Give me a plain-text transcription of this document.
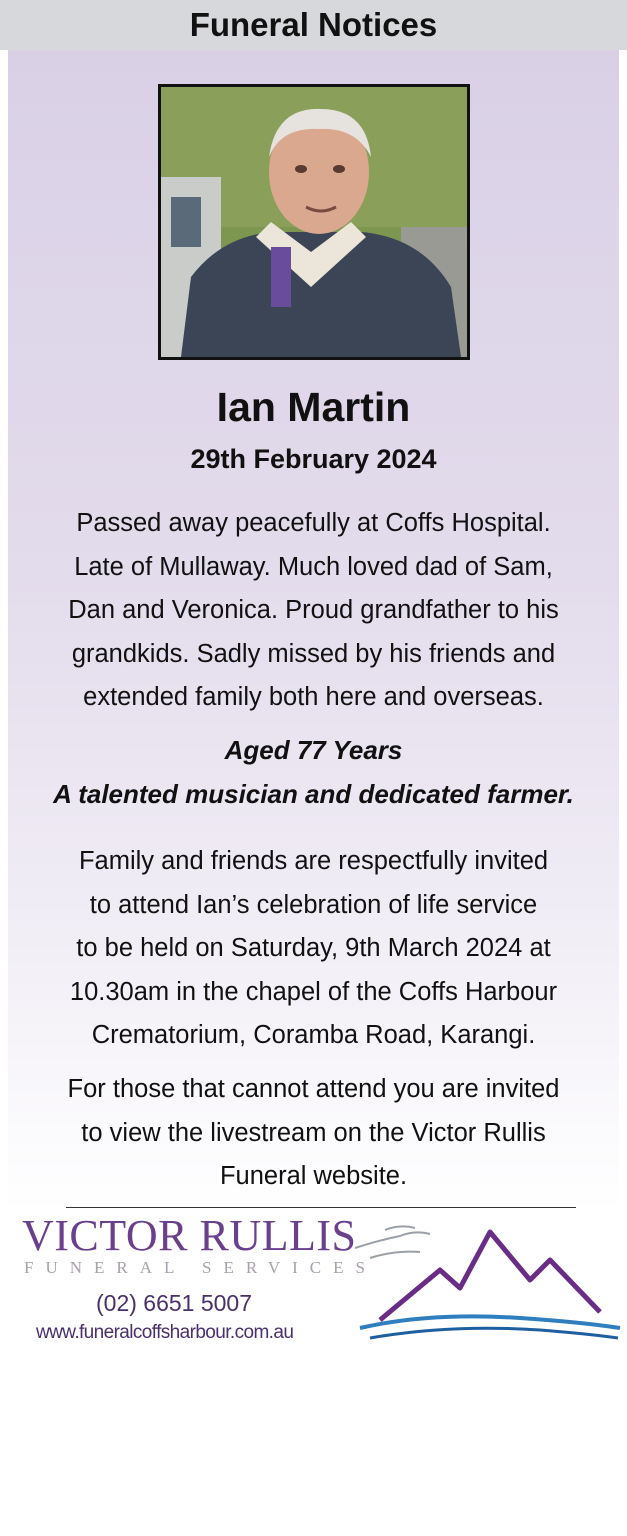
Funeral Notices
Ian Martin
29th February 2024
Passed away peacefully at Coffs Hospital.
Late of Mullaway. Much loved dad of Sam,
Dan and Veronica. Proud grandfather to his
grandkids. Sadly missed by his friends and
extended family both here and overseas.
Aged 77 Years
A talented musician and dedicated farmer.
Family and friends are respectfully invited
to attend Ian’s celebration of life service
to be held on Saturday, 9th March 2024 at
10.30am in the chapel of the Coffs Harbour
Crematorium, Coramba Road, Karangi.
For those that cannot attend you are invited
to view the livestream on the Victor Rullis
Funeral website.
VICTOR RULLIS
FUNERAL SERVICES
(02) 6651 5007
www.funeralcoffsharbour.com.au
